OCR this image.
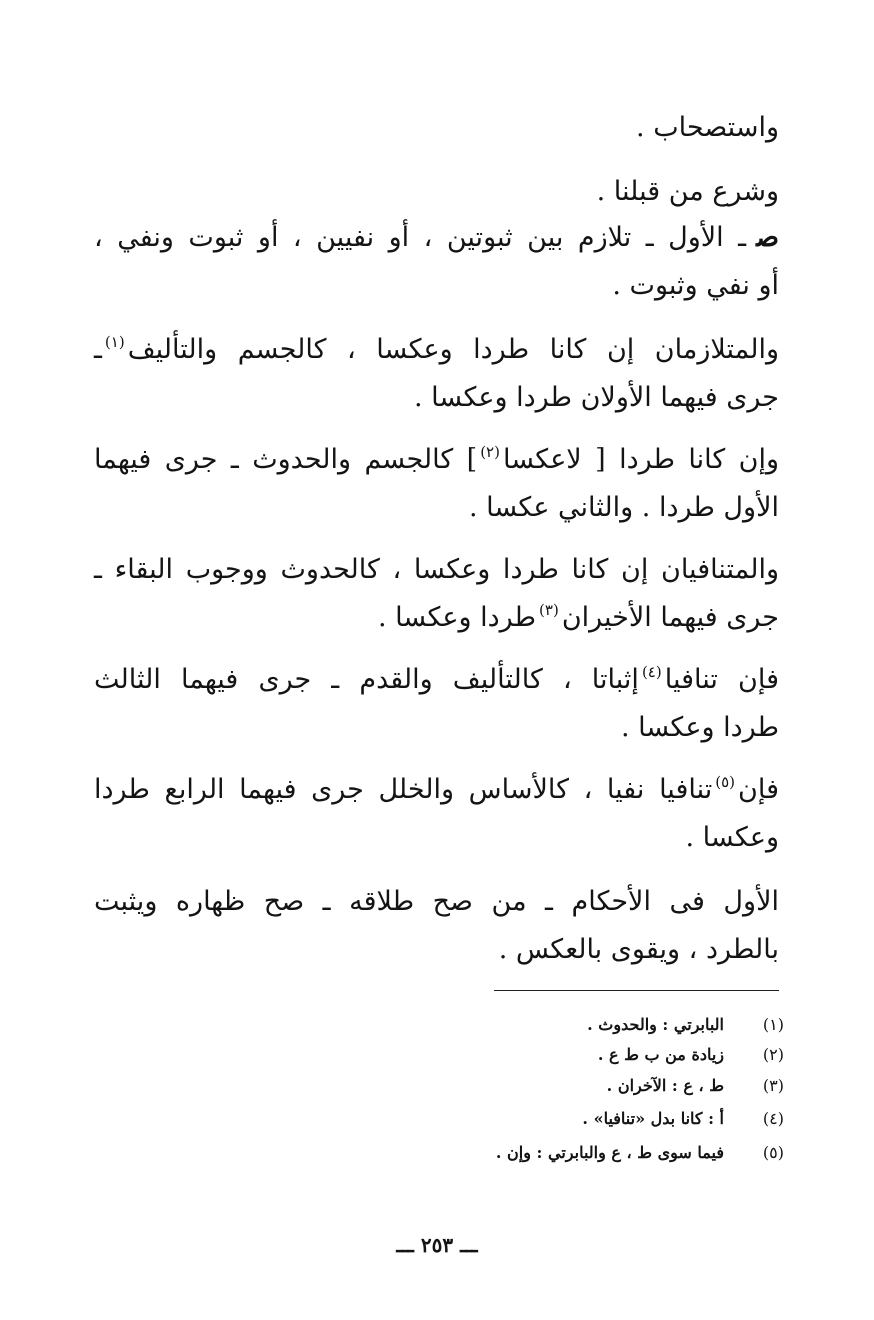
واستصحاب .
وشرع من قبلنا .
صـ الأول ـ تلازم بين ثبوتين ، أو نفيين ، أو ثبوت ونفي ،
أو نفي وثبوت .
والمتلازمان إن كانا طردا وعكسا ، كالجسم والتأليف$^{(١)}$ـ
جرى فيهما الأولان طردا وعكسا .
وإن كانا طردا [ لاعكسا$^{(٢)}$] كالجسم والحدوث ـ جرى فيهما
الأول طردا . والثاني عكسا .
والمتنافيان إن كانا طردا وعكسا ، كالحدوث ووجوب البقاء ـ
جرى فيهما الأخيران$^{(٣)}$طردا وعكسا .
فإن تنافيا$^{(٤)}$إثباتا ، كالتأليف والقدم ـ جرى فيهما الثالث
طردا وعكسا .
فإن$^{(٥)}$تنافيا نفيا ، كالأساس والخلل جرى فيهما الرابع طردا
وعكسا .
الأول فى الأحكام ـ من صح طلاقه ـ صح ظهاره ويثبت
بالطرد ، ويقوى بالعكس .
(١)البابرتي : والحدوث .
(٢)زيادة من ب ط ع .
(٣)ط ، ع : الآخران .
(٤)أ : كانا بدل «تنافيا» .
(٥)فيما سوى ط ، ع والبابرتي : وإن .
ـــ ٢٥٣ ـــ
